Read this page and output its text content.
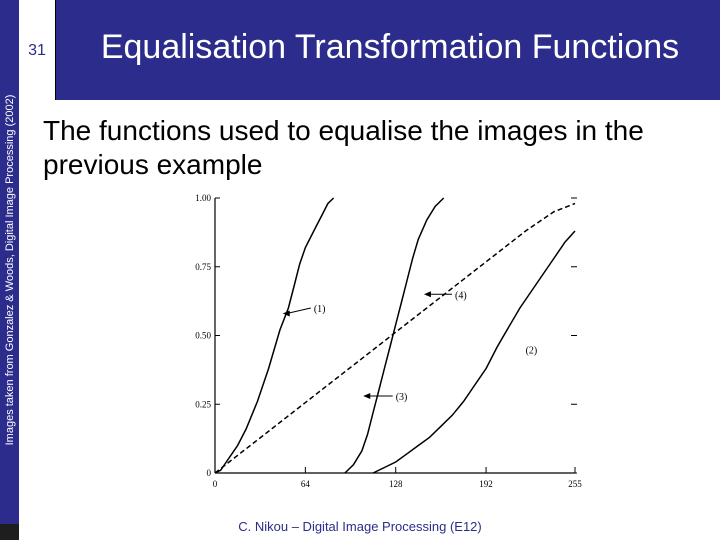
Images taken from Gonzalez & Woods, Digital Image Processing (2002)
31	Equalisation Transformation Functions
The functions used to equalise the images in the previous example
0	64	128	192	255
0
0.25
0.50
0.75
1.00
(1)
(2)
(3)
(4)
C. Nikou – Digital Image Processing (E12)
